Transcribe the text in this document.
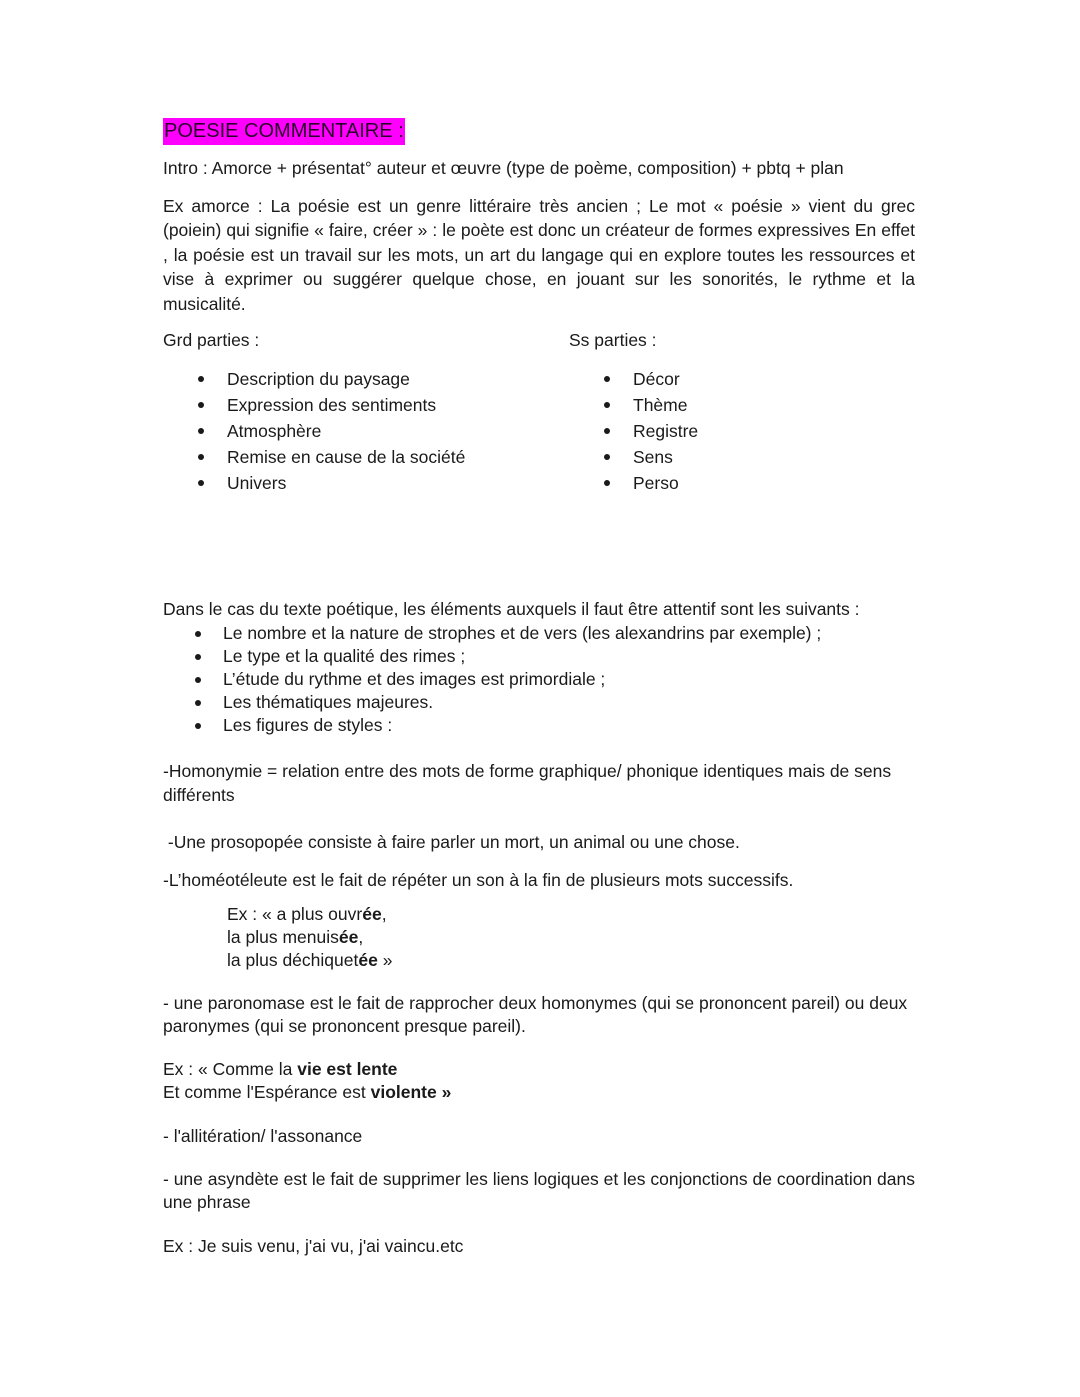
POESIE COMMENTAIRE :

Intro : Amorce + présentat° auteur et œuvre (type de poème, composition) + pbtq + plan

Ex amorce : La poésie est un genre littéraire très ancien ; Le mot « poésie » vient du grec (poiein) qui signifie « faire, créer » : le poète est donc un créateur de formes expressives En effet , la poésie est un travail sur les mots, un art du langage qui en explore toutes les ressources et vise à exprimer ou suggérer quelque chose, en jouant sur les sonorités, le rythme et la musicalité.

Grd parties :
Description du paysage
Expression des sentiments
Atmosphère
Remise en cause de la société
Univers
Ss parties :
Décor
Thème
Registre
Sens
Perso

Dans le cas du texte poétique, les éléments auxquels il faut être attentif sont les suivants :

Le nombre et la nature de strophes et de vers (les alexandrins par exemple) ;
Le type et la qualité des rimes ;
L’étude du rythme et des images est primordiale ;
Les thématiques majeures.
Les figures de styles :

-Homonymie = relation entre des mots de forme graphique/ phonique identiques mais de sens différents

-Une prosopopée consiste à faire parler un mort, un animal ou une chose.

-L’homéotéleute est le fait de répéter un son à la fin de plusieurs mots successifs.

Ex : « a plus ouvrée,

la plus menuisée,

la plus déchiquetée »

- une paronomase est le fait de rapprocher deux homonymes (qui se prononcent pareil) ou deux paronymes (qui se prononcent presque pareil).

Ex : « Comme la vie est lente

Et comme l'Espérance est violente »

- l'allitération/ l'assonance

- une asyndète est le fait de supprimer les liens logiques et les conjonctions de coordination dans une phrase

Ex : Je suis venu, j'ai vu, j'ai vaincu.etc
